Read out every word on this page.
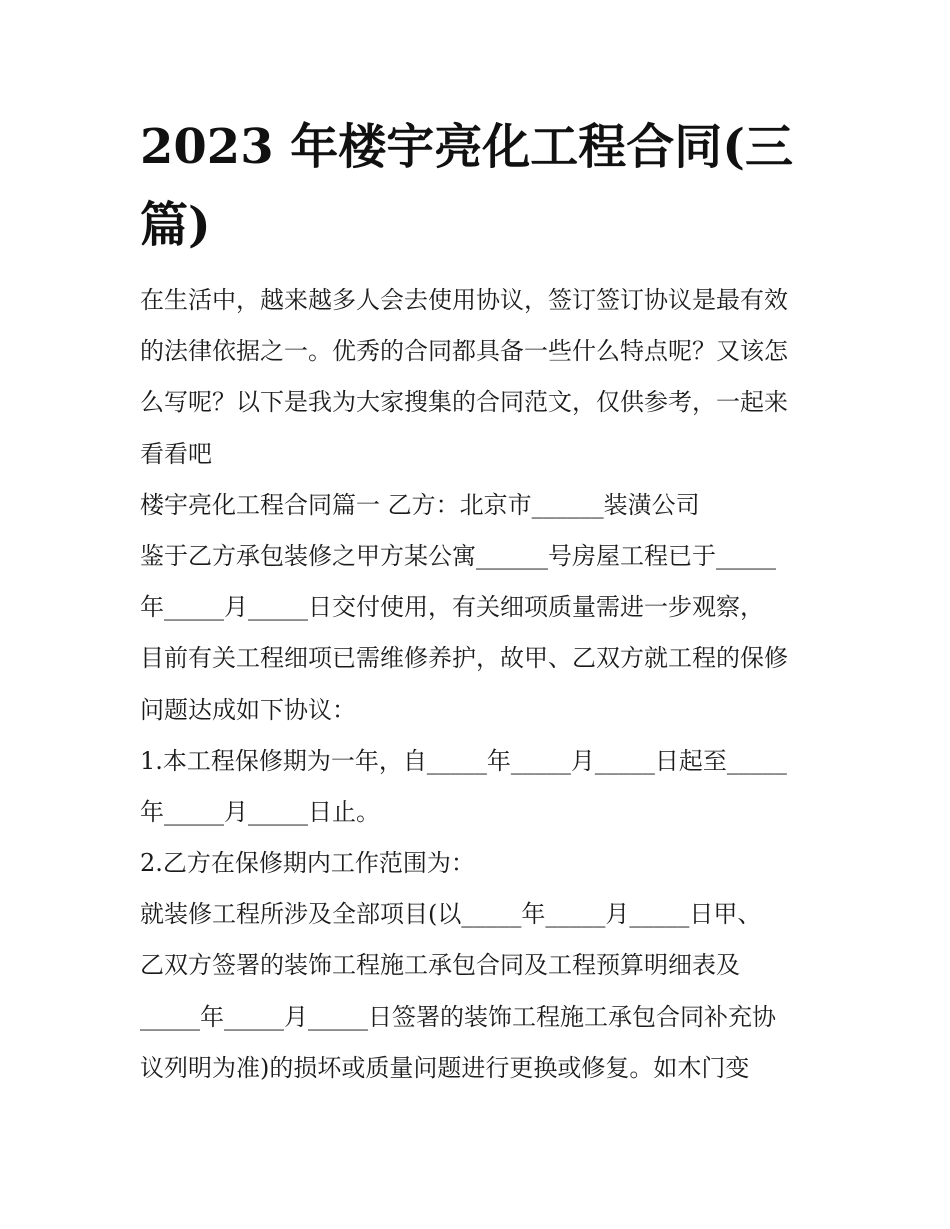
2023 年楼宇亮化工程合同(三篇)
在生活中，越来越多人会去使用协议，签订签订协议是最有效
的法律依据之一。优秀的合同都具备一些什么特点呢？又该怎
么写呢？以下是我为大家搜集的合同范文，仅供参考，一起来
看看吧
楼宇亮化工程合同篇一 乙方：北京市______装潢公司
鉴于乙方承包装修之甲方某公寓______号房屋工程已于_____
年_____月_____日交付使用，有关细项质量需进一步观察，
目前有关工程细项已需维修养护，故甲、乙双方就工程的保修
问题达成如下协议：
1.本工程保修期为一年，自_____年_____月_____日起至_____
年_____月_____日止。
2.乙方在保修期内工作范围为：
就装修工程所涉及全部项目(以_____年_____月_____日甲、
乙双方签署的装饰工程施工承包合同及工程预算明细表及
_____年_____月_____日签署的装饰工程施工承包合同补充协
议列明为准)的损坏或质量问题进行更换或修复。如木门变
